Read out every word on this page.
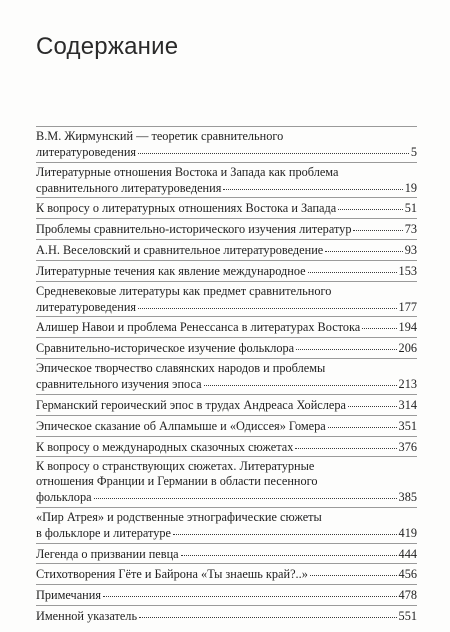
Содержание
В.М. Жирмунский — теоретик сравнительного
литературоведения	5
Литературные отношения Востока и Запада как проблема
сравнительного литературоведения	19
К вопросу о литературных отношениях Востока и Запада	51
Проблемы сравнительно-исторического изучения литератур	73
А.Н. Веселовский и сравнительное литературоведение	93
Литературные течения как явление международное	153
Средневековые литературы как предмет сравнительного
литературоведения	177
Алишер Навои и проблема Ренессанса в литературах Востока	194
Сравнительно-историческое изучение фольклора	206
Эпическое творчество славянских народов и проблемы
сравнительного изучения эпоса	213
Германский героический эпос в трудах Андреаса Хойслера	314
Эпическое сказание об Алпамыше и «Одиссея» Гомера	351
К вопросу о международных сказочных сюжетах	376
К вопросу о странствующих сюжетах. Литературные
отношения Франции и Германии в области песенного
фольклора	385
«Пир Атрея» и родственные этнографические сюжеты
в фольклоре и литературе	419
Легенда о призвании певца	444
Стихотворения Гёте и Байрона «Ты знаешь край?..»	456
Примечания	478
Именной указатель	551
